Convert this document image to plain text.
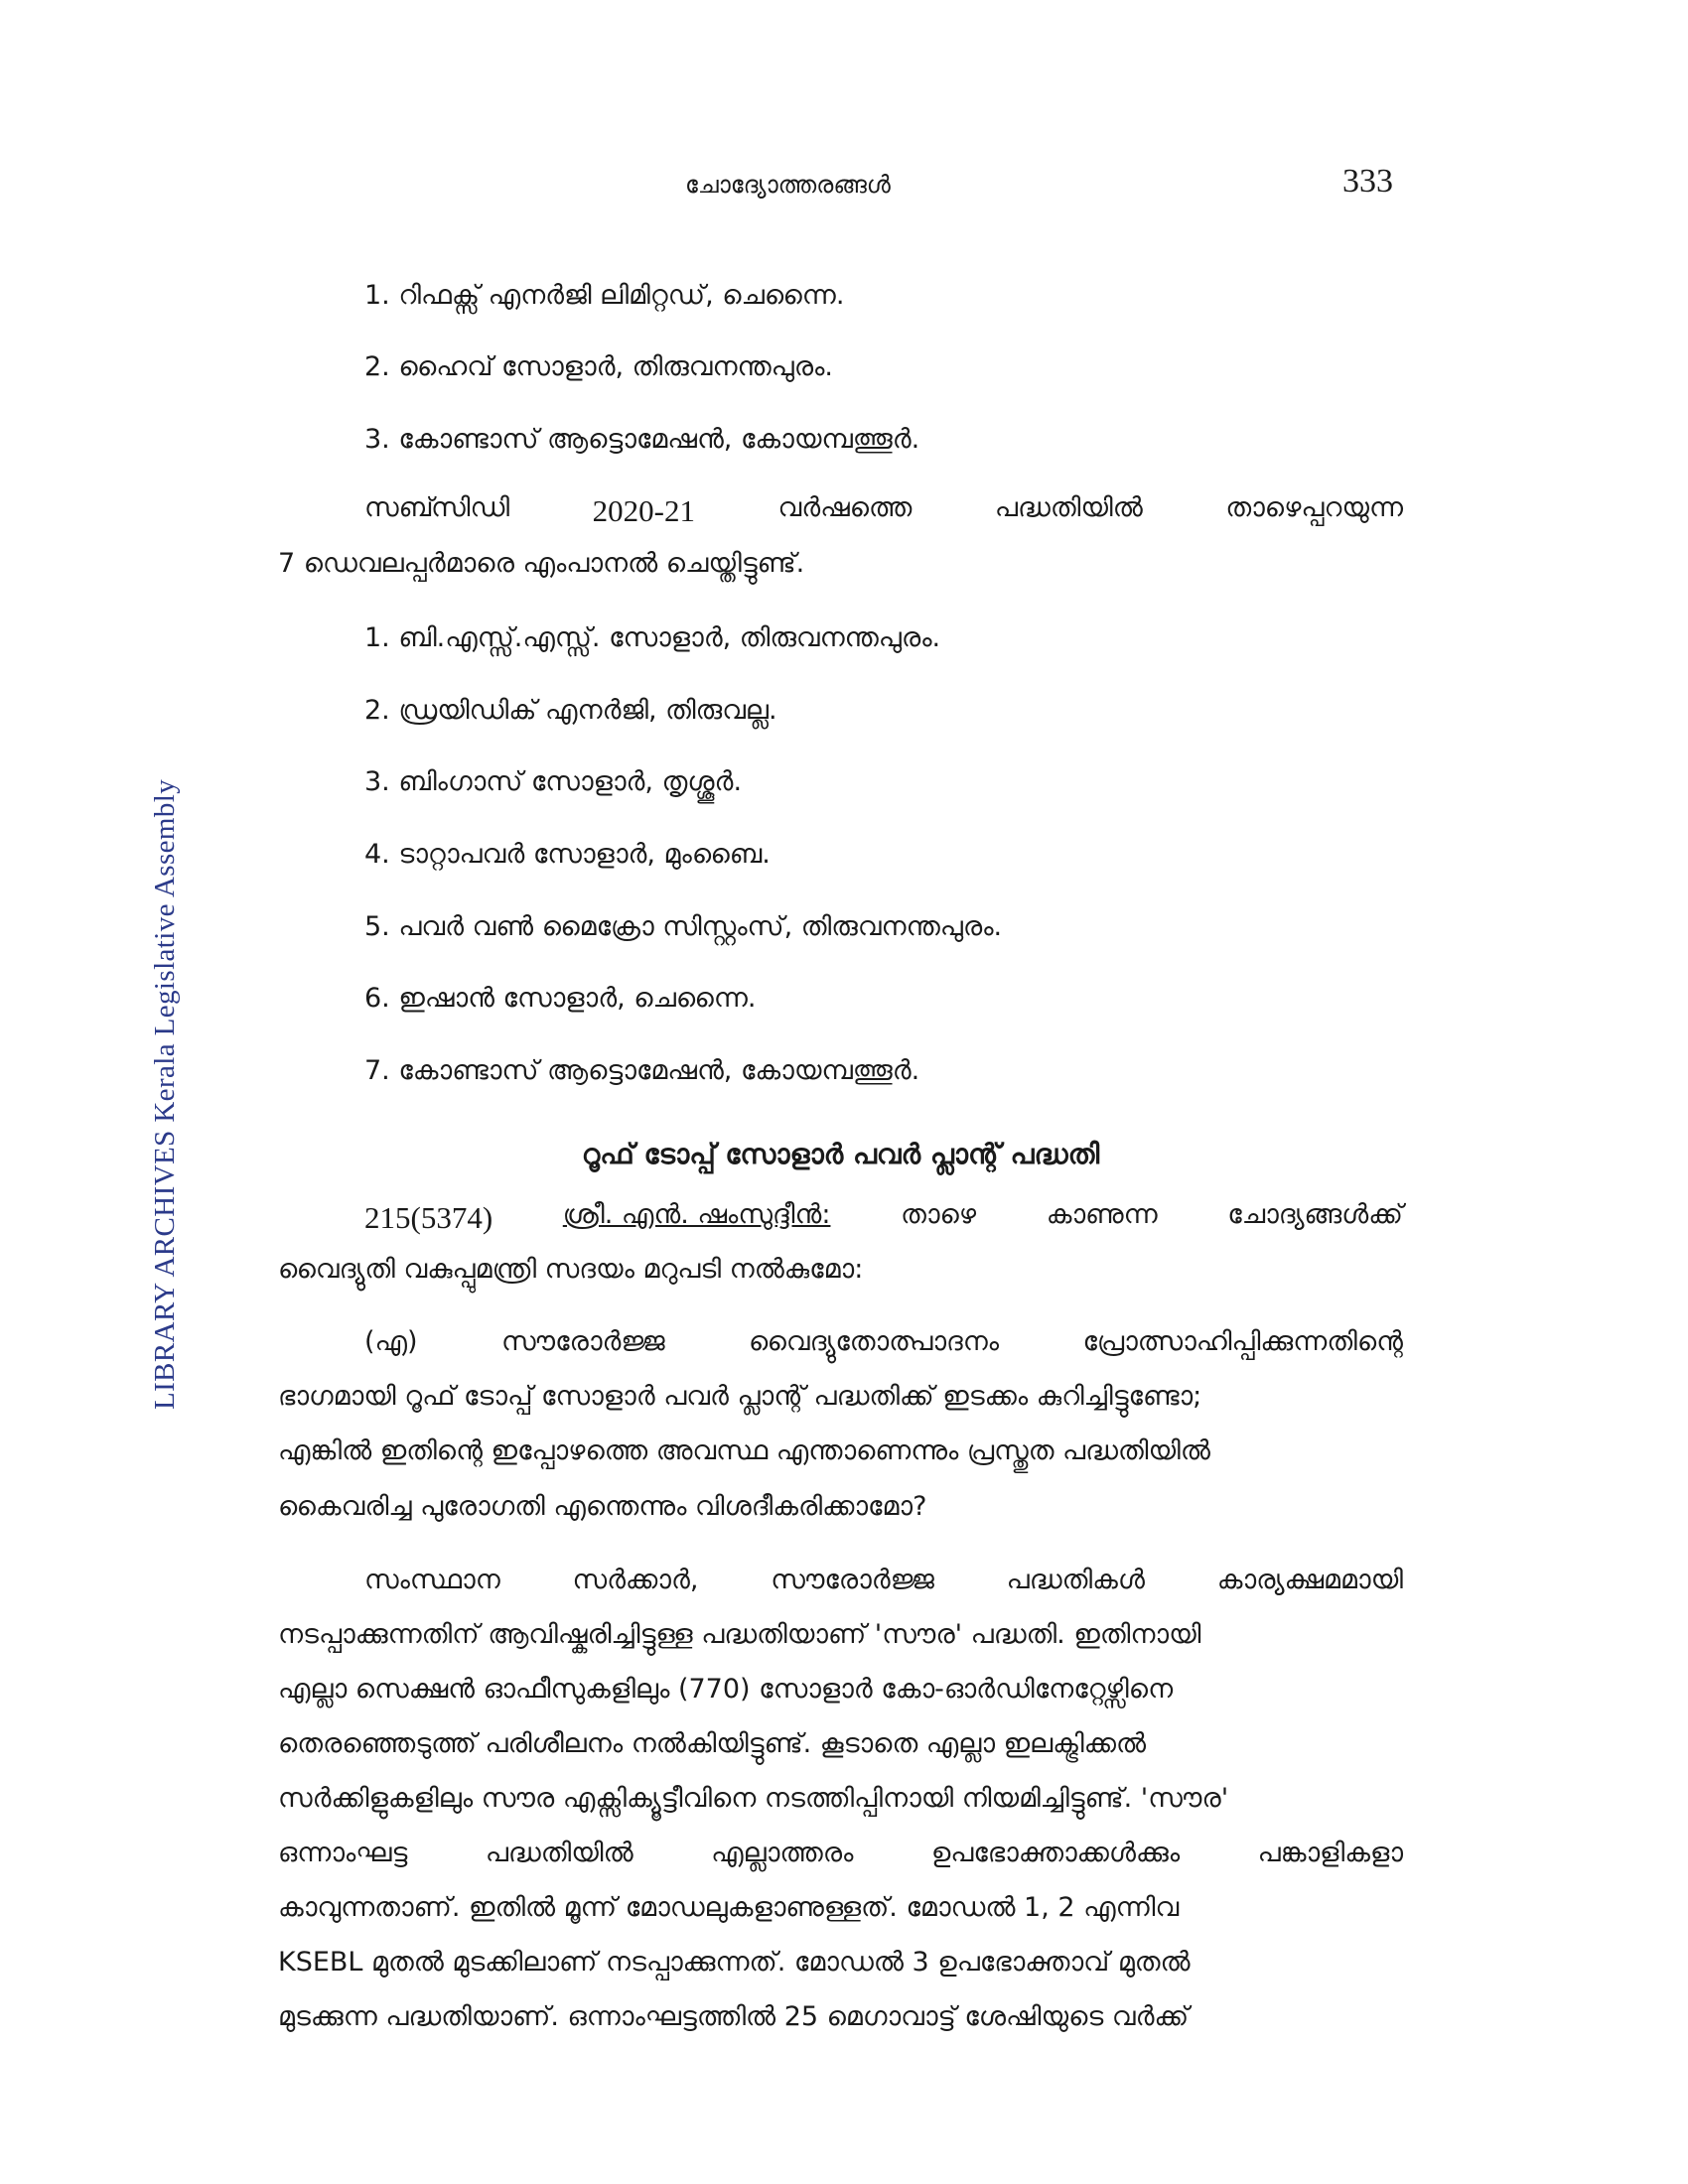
ചോദ്യോത്തരങ്ങൾ	333
LIBRARY ARCHIVES Kerala Legislative Assembly
1. റിഫക്സ് എനർജി ലിമിറ്റഡ്, ചെന്നൈ.
2. ഹൈവ് സോളാർ, തിരുവനന്തപുരം.
3. കോണ്ടാസ് ആട്ടൊമേഷൻ, കോയമ്പത്തൂർ.
സബ്സിഡി	2020-21	വർഷത്തെ	പദ്ധതിയിൽ	താഴെപ്പറയുന്ന
7 ഡെവലപ്പർമാരെ എംപാനൽ ചെയ്തിട്ടുണ്ട്.
1. ബി.എസ്സ്.എസ്സ്. സോളാർ, തിരുവനന്തപുരം.
2. ഡ്രയിഡിക് എനർജി, തിരുവല്ല.
3. ബിംഗാസ് സോളാർ, തൃശ്ശൂർ.
4. ടാറ്റാപവർ സോളാർ, മുംബൈ.
5. പവർ വൺ മൈക്രോ സിസ്റ്റംസ്, തിരുവനന്തപുരം.
6. ഇഷാൻ സോളാർ, ചെന്നൈ.
7. കോണ്ടാസ് ആട്ടൊമേഷൻ, കോയമ്പത്തൂർ.
റൂഫ് ടോപ്പ് സോളാർ പവർ പ്ലാന്റ് പദ്ധതി
215(5374)	ശ്രീ. എൻ. ഷംസുദ്ദീൻ:	താഴെ	കാണുന്ന	ചോദ്യങ്ങൾക്ക്
വൈദ്യുതി വകുപ്പുമന്ത്രി സദയം മറുപടി നൽകുമോ:
(എ)	സൗരോർജ്ജ	വൈദ്യുതോത്പാദനം	പ്രോത്സാഹിപ്പിക്കുന്നതിന്റെ
ഭാഗമായി റൂഫ് ടോപ്പ് സോളാർ പവർ പ്ലാന്റ് പദ്ധതിക്ക് ഇടക്കം കുറിച്ചിട്ടുണ്ടോ;
എങ്കിൽ ഇതിന്റെ ഇപ്പോഴത്തെ അവസ്ഥ എന്താണെന്നും പ്രസ്തുത പദ്ധതിയിൽ
കൈവരിച്ച പുരോഗതി എന്തെന്നും വിശദീകരിക്കാമോ?
സംസ്ഥാന	സർക്കാർ,	സൗരോർജ്ജ	പദ്ധതികൾ	കാര്യക്ഷമമായി
നടപ്പാക്കുന്നതിന് ആവിഷ്കരിച്ചിട്ടുള്ള പദ്ധതിയാണ് 'സൗര' പദ്ധതി. ഇതിനായി
എല്ലാ സെക്ഷൻ ഓഫീസുകളിലും (770) സോളാർ കോ-ഓർഡിനേറ്റേഴ്സിനെ
തെരഞ്ഞെടുത്ത് പരിശീലനം നൽകിയിട്ടുണ്ട്. കൂടാതെ എല്ലാ ഇലക്ട്രിക്കൽ
സർക്കിളുകളിലും സൗര എക്സിക്യൂട്ടീവിനെ നടത്തിപ്പിനായി നിയമിച്ചിട്ടുണ്ട്. 'സൗര'
ഒന്നാംഘട്ട	പദ്ധതിയിൽ	എല്ലാത്തരം	ഉപഭോക്താക്കൾക്കും	പങ്കാളികളാ
കാവുന്നതാണ്. ഇതിൽ മൂന്ന് മോഡലുകളാണുള്ളത്. മോഡൽ 1, 2 എന്നിവ
KSEBL മുതൽ മുടക്കിലാണ് നടപ്പാക്കുന്നത്. മോഡൽ 3 ഉപഭോക്താവ് മുതൽ
മുടക്കുന്ന പദ്ധതിയാണ്. ഒന്നാംഘട്ടത്തിൽ 25 മെഗാവാട്ട് ശേഷിയുടെ വർക്ക്
